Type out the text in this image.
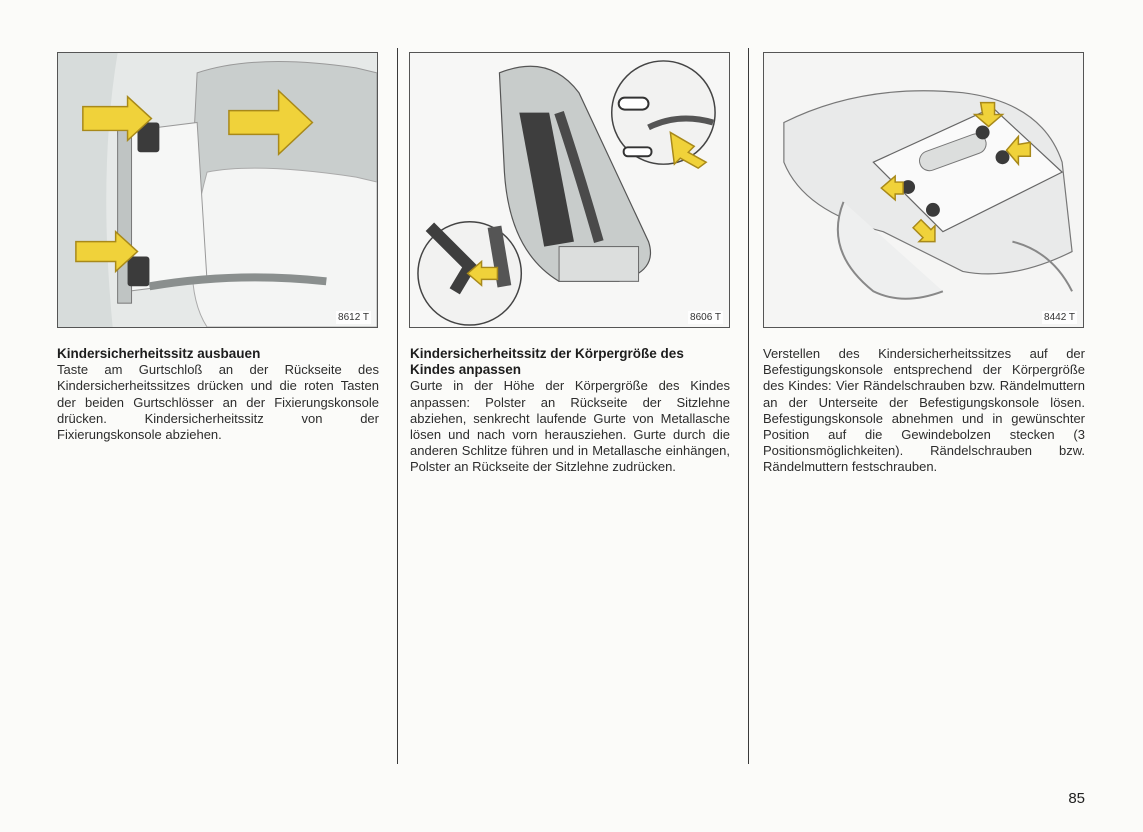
8612 T	8606 T	8442 T
Kindersicherheitssitz ausbauen
Taste am Gurtschloß an der Rückseite des Kindersicherheitssitzes drücken und die roten Tasten der beiden Gurtschlösser an der Fixierungskonsole drücken. Kindersicherheitssitz von der Fixierungskonsole abziehen.
Kindersicherheitssitz der Körpergröße des Kindes anpassen
Gurte in der Höhe der Körpergröße des Kindes anpassen: Polster an Rückseite der Sitzlehne abziehen, senkrecht laufende Gurte von Metallasche lösen und nach vorn herausziehen. Gurte durch die anderen Schlitze führen und in Metallasche einhängen, Polster an Rückseite der Sitzlehne zudrücken.
Verstellen des Kindersicherheitssitzes auf der Befestigungskonsole entsprechend der Körpergröße des Kindes: Vier Rändelschrauben bzw. Rändelmuttern an der Unterseite der Befestigungskonsole lösen. Befestigungskonsole abnehmen und in gewünschter Position auf die Gewindebolzen stecken (3 Positionsmöglichkeiten). Rändelschrauben bzw. Rändelmuttern festschrauben.
85
